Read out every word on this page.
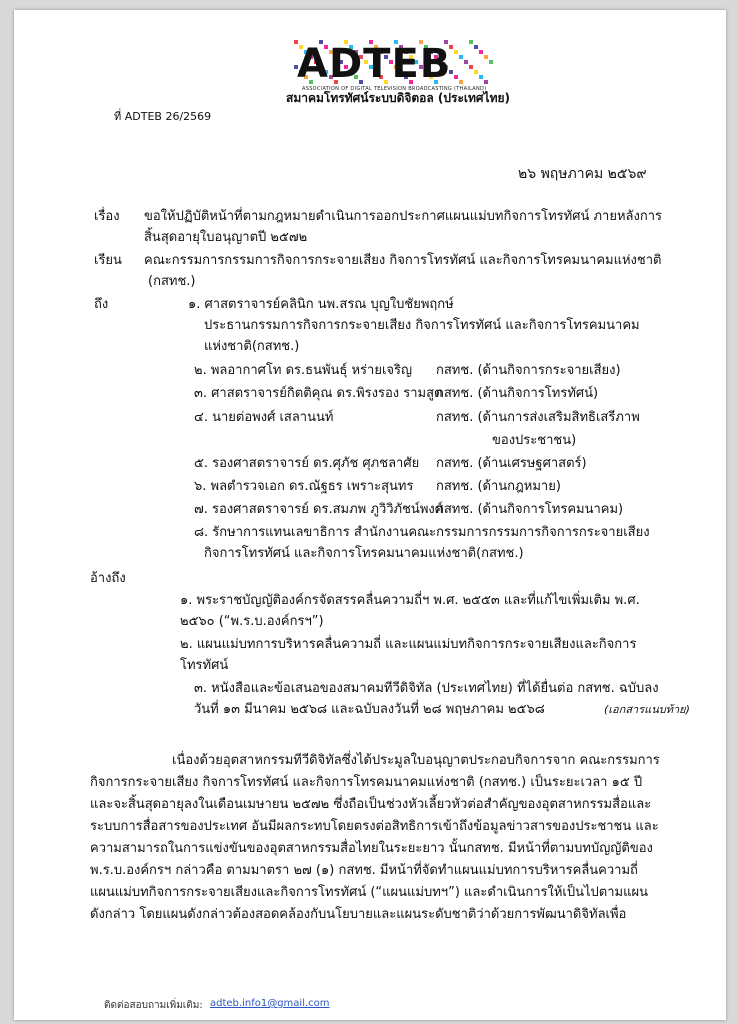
ADTEB
ASSOCIATION OF DIGITAL TELEVISION BROADCASTING (THAILAND)
สมาคมโทรทัศน์ระบบดิจิตอล (ประเทศไทย)
ที่ ADTEB 26/2569
๒๖ พฤษภาคม ๒๕๖๙
เรื่อง ขอให้ปฏิบัติหน้าที่ตามกฎหมายดำเนินการออกประกาศแผนแม่บทกิจการโทรทัศน์ ภายหลังการ
สิ้นสุดอายุใบอนุญาตปี ๒๕๗๒
เรียน คณะกรรมการกรรมการกิจการกระจายเสียง กิจการโทรทัศน์ และกิจการโทรคมนาคมแห่งชาติ
(กสทช.)
ถึง	๑. ศาสตราจารย์คลินิก นพ.สรณ บุญใบชัยพฤกษ์
ประธานกรรมการกิจการกระจายเสียง กิจการโทรทัศน์ และกิจการโทรคมนาคม
แห่งชาติ(กสทช.)
๒. พลอากาศโท ดร.ธนพันธุ์ หร่ายเจริญ กสทช. (ด้านกิจการกระจายเสียง)
๓. ศาสตราจารย์กิตติคุณ ดร.พิรงรอง รามสูต
กสทช. (ด้านกิจการโทรทัศน์)
๔. นายต่อพงศ์ เสลานนท์	กสทช. (ด้านการส่งเสริมสิทธิเสรีภาพ
ของประชาชน)
๕. รองศาสตราจารย์ ดร.ศุภัช ศุภชลาศัย กสทช. (ด้านเศรษฐศาสตร์)
๖. พลตำรวจเอก ดร.ณัฐธร เพราะสุนทร กสทช. (ด้านกฎหมาย)
๗. รองศาสตราจารย์ ดร.สมภพ ภูวิวิภัชน์พงศ์
กสทช. (ด้านกิจการโทรคมนาคม)
๘. รักษาการแทนเลขาธิการ สำนักงานคณะกรรมการกรรมการกิจการกระจายเสียง
กิจการโทรทัศน์ และกิจการโทรคมนาคมแห่งชาติ(กสทช.)
อ้างถึง
๑. พระราชบัญญัติองค์กรจัดสรรคลื่นความถี่ฯ พ.ศ. ๒๕๕๓ และที่แก้ไขเพิ่มเติม พ.ศ.
๒๕๖๐ (“พ.ร.บ.องค์กรฯ”)
๒. แผนแม่บทการบริหารคลื่นความถี่ และแผนแม่บทกิจการกระจายเสียงและกิจการ
โทรทัศน์
๓. หนังสือและข้อเสนอของสมาคมทีวีดิจิทัล (ประเทศไทย) ที่ได้ยื่นต่อ กสทช. ฉบับลง
วันที่ ๑๓ มีนาคม ๒๕๖๘ และฉบับลงวันที่ ๒๘ พฤษภาคม ๒๕๖๘	(เอกสารแนบท้าย)
เนื่องด้วยอุตสาหกรรมทีวีดิจิทัลซึ่งได้ประมูลใบอนุญาตประกอบกิจการจาก คณะกรรมการ
กิจการกระจายเสียง กิจการโทรทัศน์ และกิจการโทรคมนาคมแห่งชาติ (กสทช.) เป็นระยะเวลา ๑๕ ปี
และจะสิ้นสุดอายุลงในเดือนเมษายน ๒๕๗๒ ซึ่งถือเป็นช่วงหัวเลี้ยวหัวต่อสำคัญของอุตสาหกรรมสื่อและ
ระบบการสื่อสารของประเทศ อันมีผลกระทบโดยตรงต่อสิทธิการเข้าถึงข้อมูลข่าวสารของประชาชน และ
ความสามารถในการแข่งขันของอุตสาหกรรมสื่อไทยในระยะยาว นั้นกสทช. มีหน้าที่ตามบทบัญญัติของ
พ.ร.บ.องค์กรฯ กล่าวคือ ตามมาตรา ๒๗ (๑) กสทช. มีหน้าที่จัดทำแผนแม่บทการบริหารคลื่นความถี่
แผนแม่บทกิจการกระจายเสียงและกิจการโทรทัศน์ (“แผนแม่บทฯ”) และดำเนินการให้เป็นไปตามแผน
ดังกล่าว โดยแผนดังกล่าวต้องสอดคล้องกับนโยบายและแผนระดับชาติว่าด้วยการพัฒนาดิจิทัลเพื่อ
ติดต่อสอบถามเพิ่มเติม: adteb.info1@gmail.com
